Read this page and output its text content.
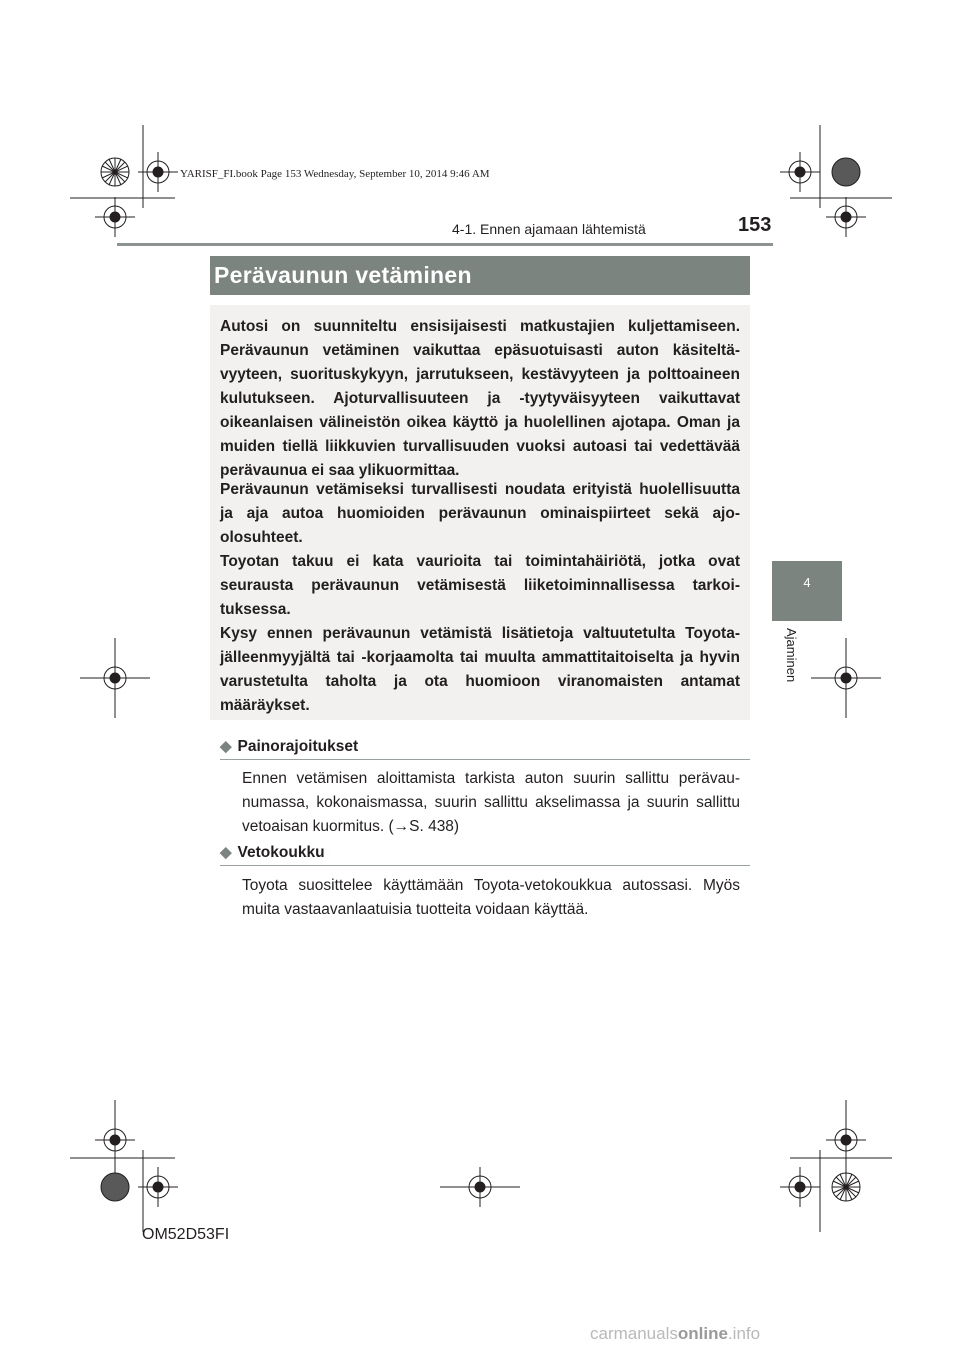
YARISF_FI.book Page 153 Wednesday, September 10, 2014 9:46 AM
4-1. Ennen ajamaan lähtemistä	153
4
Ajaminen
Perävaunun vetäminen

Autosi on suunniteltu ensisijaisesti matkustajien kuljettamiseen. Perävaunun vetäminen vaikuttaa epäsuotuisasti auton käsiteltävyyteen, suorituskykyyn, jarrutukseen, kestävyyteen ja polttoaineen kulutukseen. Ajoturvallisuuteen ja -tyytyväisyyteen vaikuttavat oikeanlaisen välineistön oikea käyttö ja huolellinen ajotapa. Oman ja muiden tiellä liikkuvien turvallisuuden vuoksi autoasi tai vedettävää perävaunua ei saa ylikuormittaa.

Perävaunun vetämiseksi turvallisesti noudata erityistä huolellisuutta ja aja autoa huomioiden perävaunun ominaispiirteet sekä ajo-olosuhteet.

Toyotan takuu ei kata vaurioita tai toimintahäiriötä, jotka ovat seurausta perävaunun vetämisestä liiketoiminnallisessa tarkoituksessa.

Kysy ennen perävaunun vetämistä lisätietoja valtuutetulta Toyota-jälleenmyyjältä tai -korjaamolta tai muulta ammattitaitoiselta ja hyvin varustetulta taholta ja ota huomioon viranomaisten antamat määräykset.

◆ Painorajoitukset

Ennen vetämisen aloittamista tarkista auton suurin sallittu perävaunumassa, kokonaismassa, suurin sallittu akselimassa ja suurin sallittu vetoaisan kuormitus. (→S. 438)

◆ Vetokoukku

Toyota suosittelee käyttämään Toyota-vetokoukkua autossasi. Myös muita vastaavanlaatuisia tuotteita voidaan käyttää.

OM52D53FI
carmanualsonline.info
